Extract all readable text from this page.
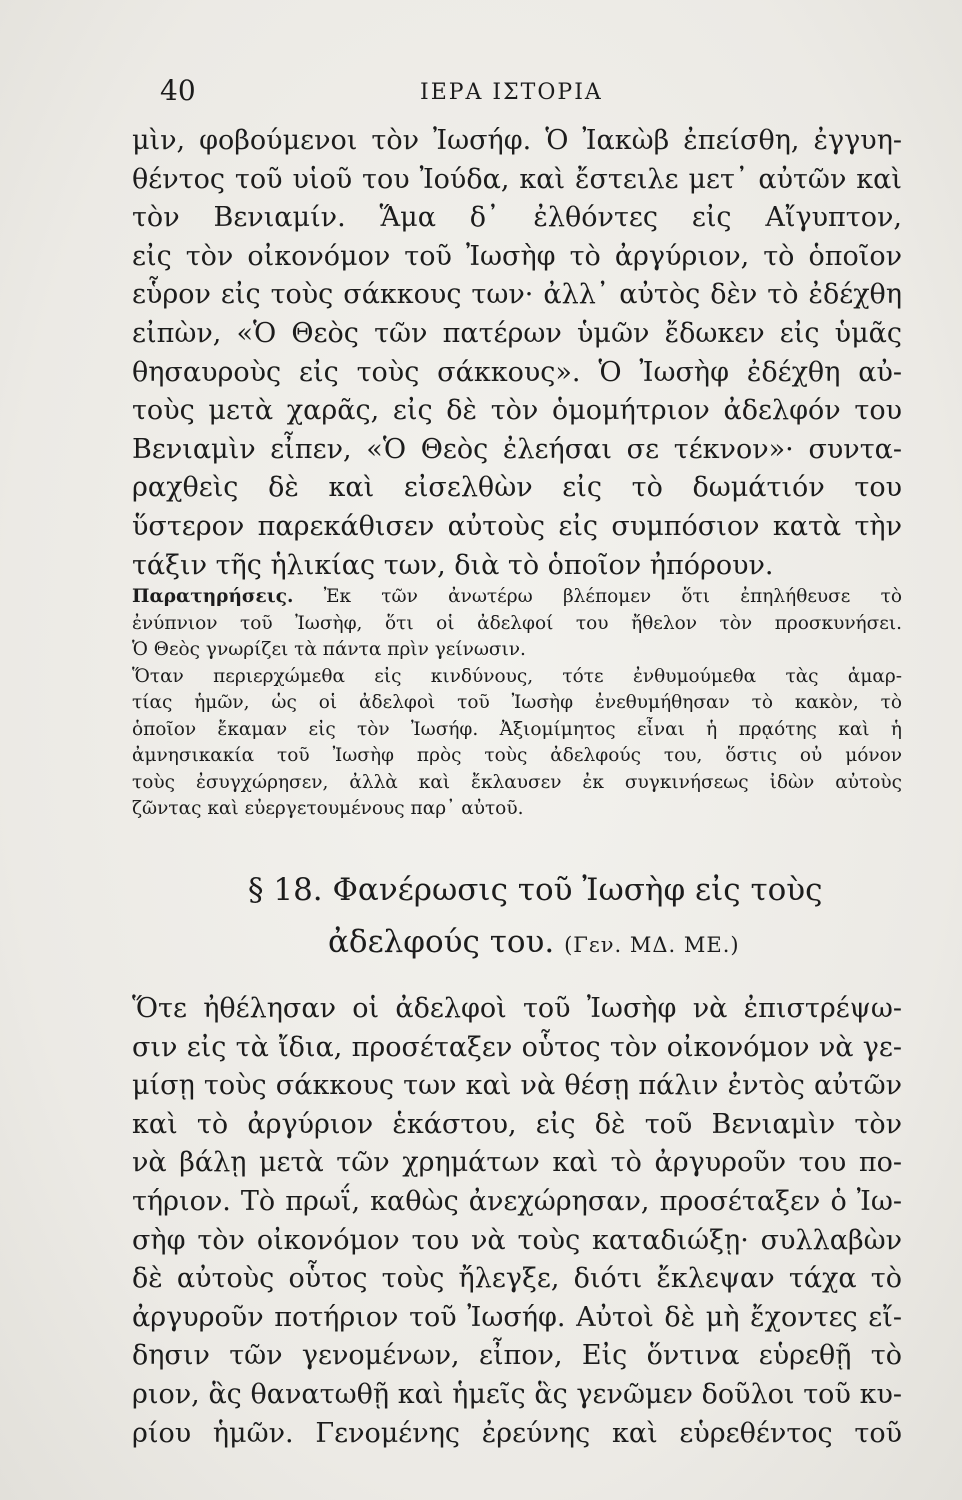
40	ΙΕΡΑ ΙΣΤΟΡΙΑ
μὶν, φοβούμενοι τὸν Ἰωσήφ. Ὁ Ἰακὼβ ἐπείσθη, ἐγγυη-
θέντος τοῦ υἱοῦ του Ἰούδα, καὶ ἔστειλε μετ᾽ αὐτῶν καὶ
τὸν Βενιαμίν. Ἅμα δ᾽ ἐλθόντες εἰς Αἴγυπτον,
εἰς τὸν οἰκονόμον τοῦ Ἰωσὴφ τὸ ἀργύριον, τὸ ὁποῖον
εὗρον εἰς τοὺς σάκκους των· ἀλλ᾽ αὐτὸς δὲν τὸ ἐδέχθη
εἰπὼν, «Ὁ Θεὸς τῶν πατέρων ὑμῶν ἔδωκεν εἰς ὑμᾶς
θησαυροὺς εἰς τοὺς σάκκους». Ὁ Ἰωσὴφ ἐδέχθη αὐ-
τοὺς μετὰ χαρᾶς, εἰς δὲ τὸν ὁμομήτριον ἀδελφόν του
Βενιαμὶν εἶπεν, «Ὁ Θεὸς ἐλεήσαι σε τέκνον»· συντα-
ραχθεὶς δὲ καὶ εἰσελθὼν εἰς τὸ δωμάτιόν του
ὕστερον παρεκάθισεν αὐτοὺς εἰς συμπόσιον κατὰ τὴν
τάξιν τῆς ἡλικίας των, διὰ τὸ ὁποῖον ἠπόρουν.
Παρατηρήσεις. Ἐκ τῶν ἀνωτέρω βλέπομεν ὅτι ἐπηλήθευσε τὸ
ἐνύπνιον τοῦ Ἰωσὴφ, ὅτι οἱ ἀδελφοί του ἤθελον τὸν προσκυνήσει.
Ὁ Θεὸς γνωρίζει τὰ πάντα πρὶν γείνωσιν.
Ὅταν περιερχώμεθα εἰς κινδύνους, τότε ἐνθυμούμεθα τὰς ἁμαρ-
τίας ἡμῶν, ὡς οἱ ἀδελφοὶ τοῦ Ἰωσὴφ ἐνεθυμήθησαν τὸ κακὸν, τὸ
ὁποῖον ἔκαμαν εἰς τὸν Ἰωσήφ. Ἀξιομίμητος εἶναι ἡ πρᾳότης καὶ ἡ
ἀμνησικακία τοῦ Ἰωσὴφ πρὸς τοὺς ἀδελφούς του, ὅστις οὐ μόνον
τοὺς ἐσυγχώρησεν, ἀλλὰ καὶ ἔκλαυσεν ἐκ συγκινήσεως ἰδὼν αὐτοὺς
ζῶντας καὶ εὐεργετουμένους παρ᾽ αὐτοῦ.
§ 18. Φανέρωσις τοῦ Ἰωσὴφ εἰς τοὺς
ἀδελφούς του. (Γεν. ΜΔ. ΜΕ.)
Ὅτε ἠθέλησαν οἱ ἀδελφοὶ τοῦ Ἰωσὴφ νὰ ἐπιστρέψω-
σιν εἰς τὰ ἴδια, προσέταξεν οὗτος τὸν οἰκονόμον νὰ γε-
μίσῃ τοὺς σάκκους των καὶ νὰ θέσῃ πάλιν ἐντὸς αὐτῶν
καὶ τὸ ἀργύριον ἑκάστου, εἰς δὲ τοῦ Βενιαμὶν τὸν
νὰ βάλῃ μετὰ τῶν χρημάτων καὶ τὸ ἀργυροῦν του πο-
τήριον. Τὸ πρωΐ, καθὼς ἀνεχώρησαν, προσέταξεν ὁ Ἰω-
σὴφ τὸν οἰκονόμον του νὰ τοὺς καταδιώξῃ· συλλαβὼν
δὲ αὐτοὺς οὗτος τοὺς ἤλεγξε, διότι ἔκλεψαν τάχα τὸ
ἀργυροῦν ποτήριον τοῦ Ἰωσήφ. Αὐτοὶ δὲ μὴ ἔχοντες εἴ-
δησιν τῶν γενομένων, εἶπον, Εἰς ὅντινα εὑρεθῇ τὸ
ριον, ἃς θανατωθῇ καὶ ἡμεῖς ἃς γενῶμεν δοῦλοι τοῦ κυ-
ρίου ἡμῶν. Γενομένης ἐρεύνης καὶ εὑρεθέντος τοῦ
